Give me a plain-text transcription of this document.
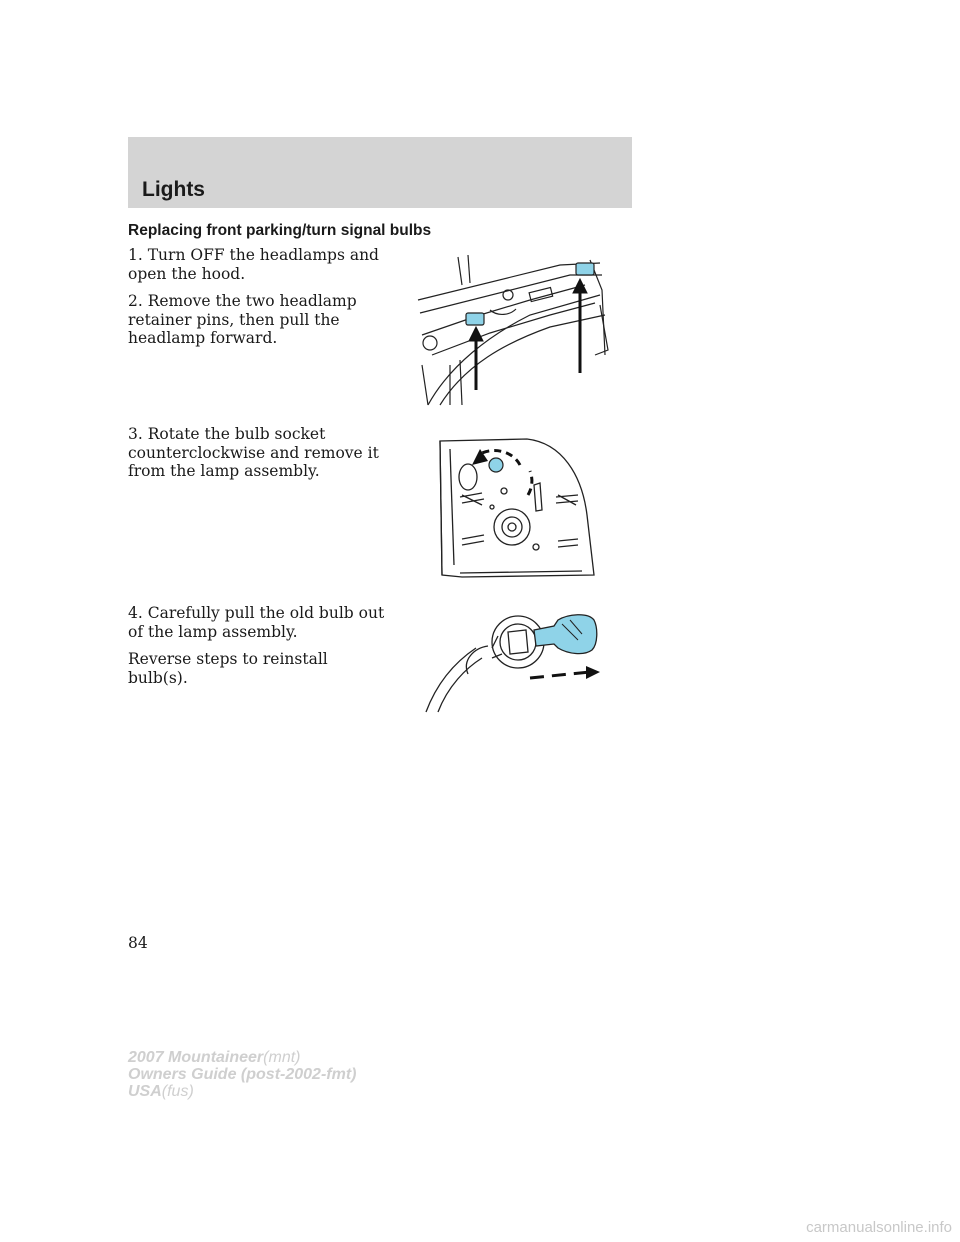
Lights
Replacing front parking/turn signal bulbs

1. Turn OFF the headlamps and open the hood.

2. Remove the two headlamp retainer pins, then pull the headlamp forward.

3. Rotate the bulb socket counterclockwise and remove it from the lamp assembly.

4. Carefully pull the old bulb out of the lamp assembly.

Reverse steps to reinstall bulb(s).

84
2007 Mountaineer(mnt)
Owners Guide (post-2002-fmt)
USA(fus)
carmanualsonline.info
